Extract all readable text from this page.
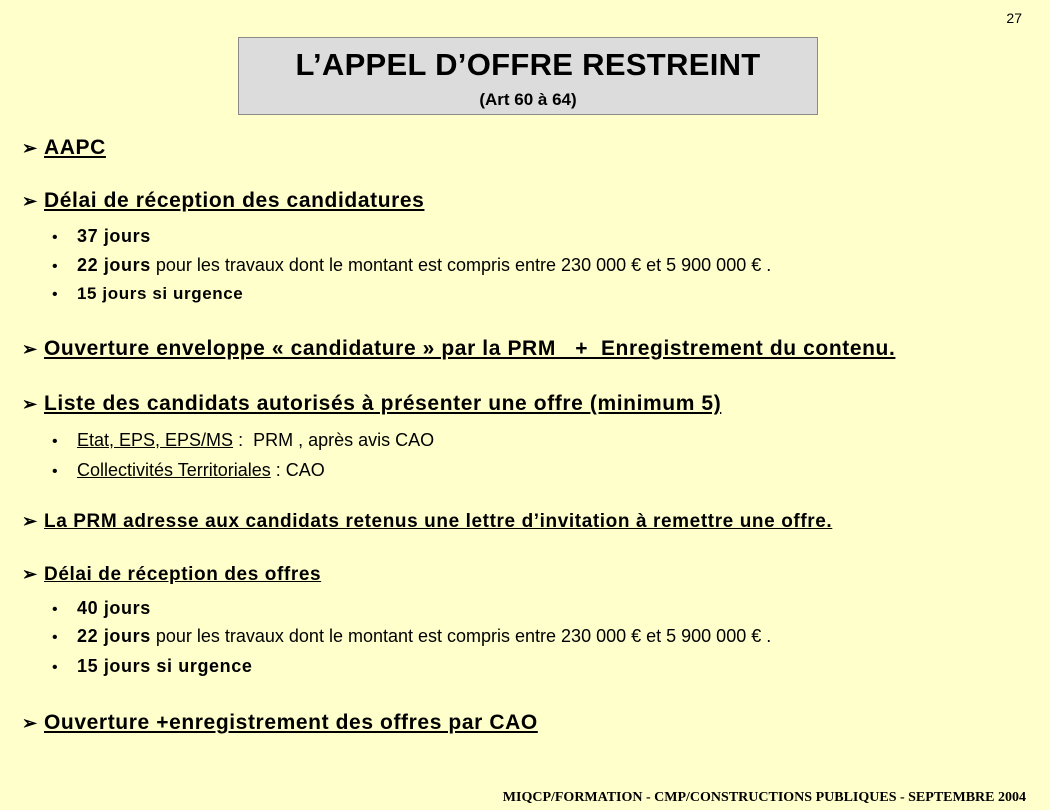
27
L’APPEL D’OFFRE RESTREINT
(Art 60 à 64)
➢ AAPC
➢ Délai de réception des candidatures
• 37 jours
• 22 jours pour les travaux dont le montant est compris entre 230 000 € et 5 900 000 € .
• 15 jours si urgence
➢ Ouverture enveloppe « candidature » par la PRM   +  Enregistrement du contenu.
➢ Liste des candidats autorisés à présenter une offre (minimum 5)
• Etat, EPS, EPS/MS :  PRM , après avis CAO
• Collectivités Territoriales : CAO
➢ La PRM adresse aux candidats retenus une lettre d’invitation à remettre une offre.
➢ Délai de réception des offres
• 40 jours
• 22 jours pour les travaux dont le montant est compris entre 230 000 € et 5 900 000 € .
• 15 jours si urgence
➢ Ouverture +enregistrement des offres par CAO
MIQCP/FORMATION - CMP/CONSTRUCTIONS PUBLIQUES - SEPTEMBRE 2004
